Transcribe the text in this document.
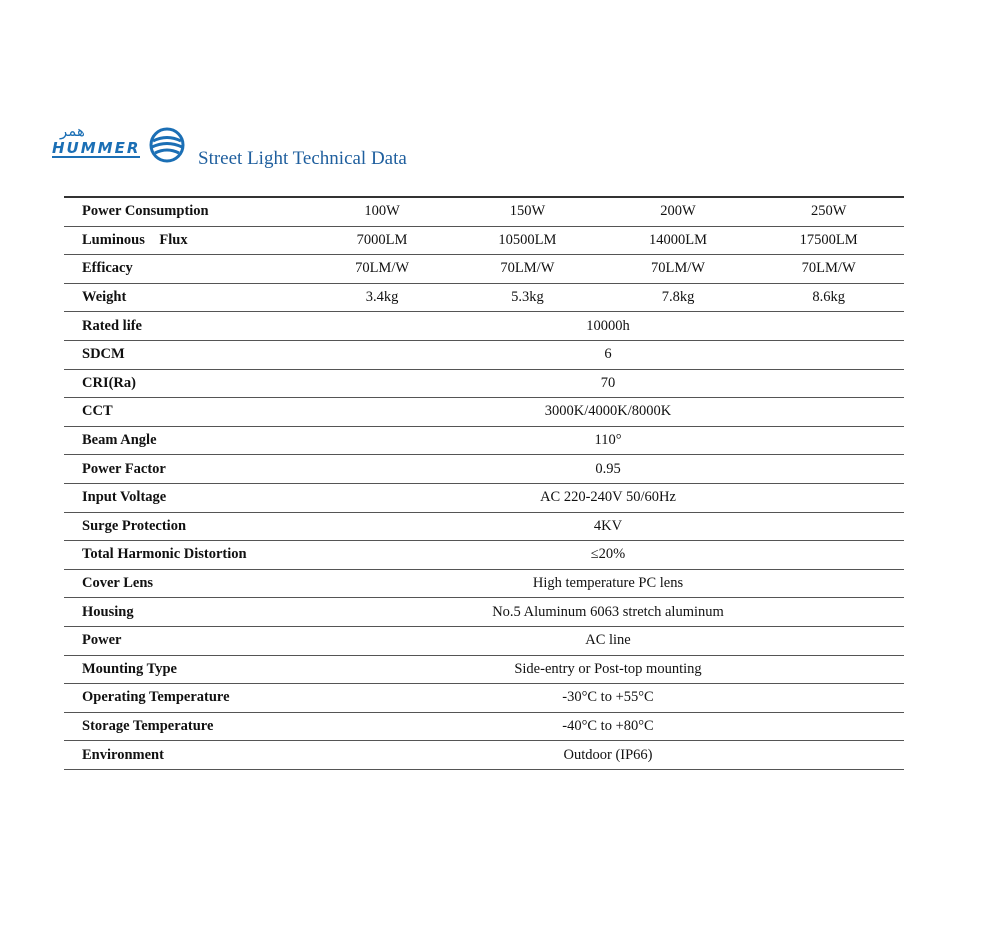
همر
HUMMER	Street Light Technical Data
Power Consumption	100W	150W	200W	250W
Luminous    Flux	7000LM	10500LM	14000LM	17500LM
Efficacy	70LM/W	70LM/W	70LM/W	70LM/W
Weight	3.4kg	5.3kg	7.8kg	8.6kg
Rated life	10000h			
SDCM	6			
CRI(Ra)	70			
CCT	3000K/4000K/8000K			
Beam Angle	110°			
Power Factor	0.95			
Input Voltage	AC 220-240V 50/60Hz			
Surge Protection	4KV			
Total Harmonic Distortion	≤20%			
Cover Lens	High temperature PC lens			
Housing	No.5 Aluminum 6063 stretch aluminum			
Power	AC line			
Mounting Type	Side-entry or Post-top mounting			
Operating Temperature	-30°C to +55°C			
Storage Temperature	-40°C to +80°C			
Environment	Outdoor (IP66)			
